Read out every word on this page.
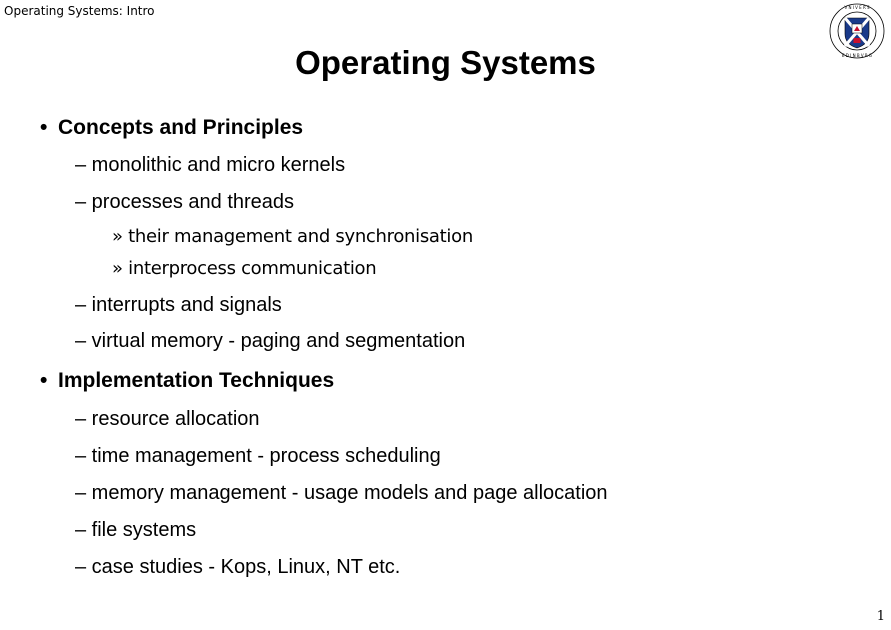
Operating Systems: Intro	V N I V E R S
E D I N B V R G
Operating Systems
• Concepts and Principles
– monolithic and micro kernels
– processes and threads
» their management and synchronisation
» interprocess communication
– interrupts and signals
– virtual memory - paging and segmentation
• Implementation Techniques
– resource allocation
– time management - process scheduling
– memory management - usage models and page allocation
– file systems
– case studies - Kops, Linux, NT etc.
1
